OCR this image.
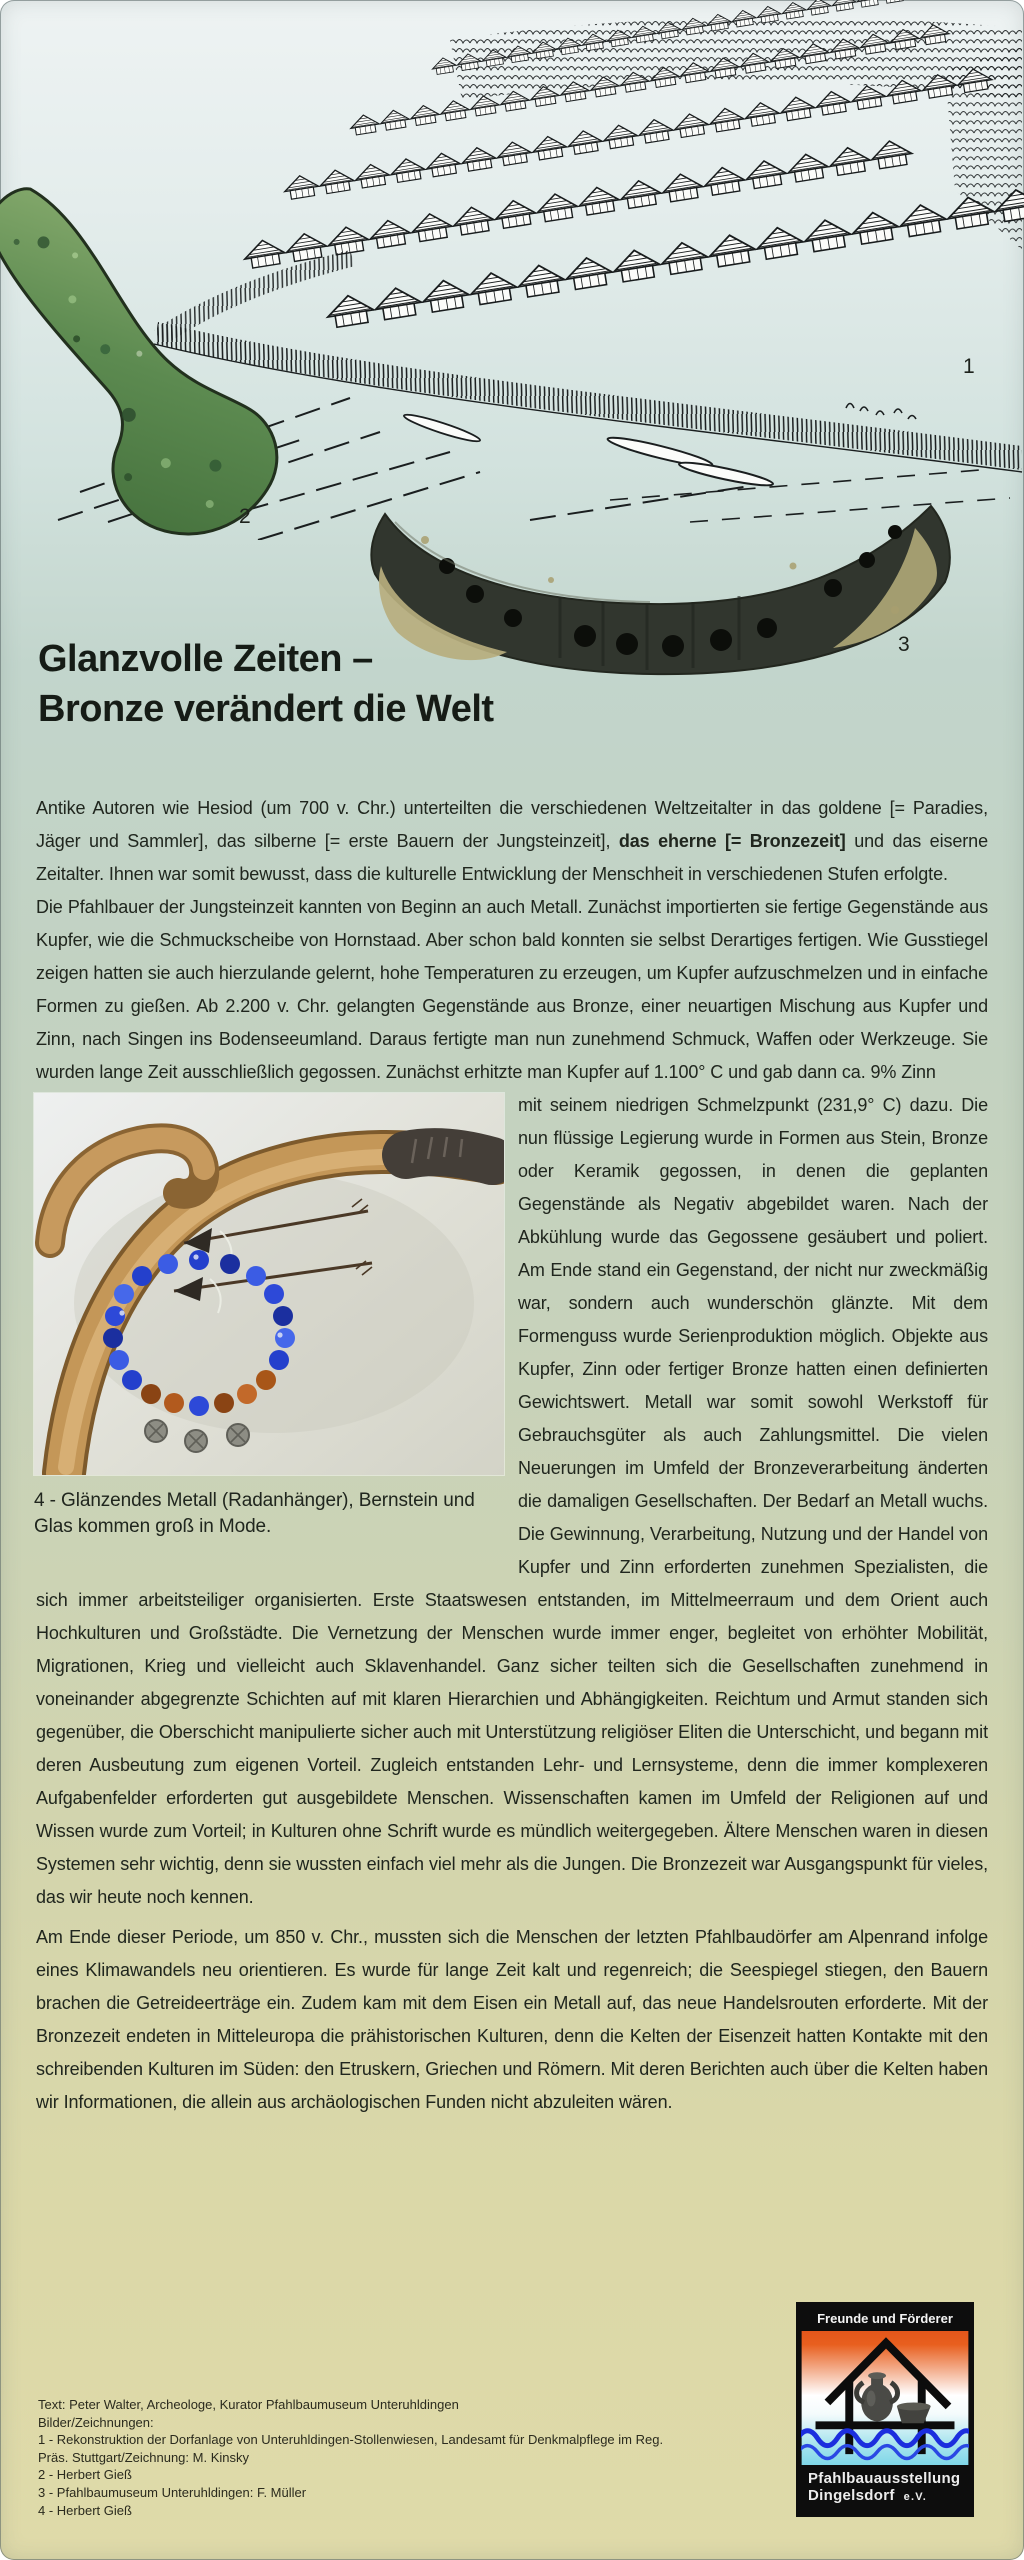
1
2
3
Glanzvolle Zeiten –
Bronze verändert die Welt

Antike Autoren wie Hesiod (um 700 v. Chr.) unterteilten die verschiedenen Weltzeitalter in das goldene [= Paradies, Jäger und Sammler], das silberne [= erste Bauern der Jungsteinzeit], das eherne [= Bronzezeit] und das eiserne Zeitalter. Ihnen war somit bewusst, dass die kulturelle Entwicklung der Menschheit in verschiedenen Stufen erfolgte.

Die Pfahlbauer der Jungsteinzeit kannten von Beginn an auch Metall. Zunächst importierten sie fertige Gegenstände aus Kupfer, wie die Schmuckscheibe von Hornstaad. Aber schon bald konnten sie selbst Derartiges fertigen. Wie Gusstiegel zeigen hatten sie auch hierzulande gelernt, hohe Temperaturen zu erzeugen, um Kupfer aufzuschmelzen und in einfache Formen zu gießen. Ab 2.200 v. Chr. gelangten Gegenstände aus Bronze, einer neuartigen Mischung aus Kupfer und Zinn, nach Singen ins Bodenseeumland. Daraus fertigte man nun zunehmend Schmuck, Waffen oder Werkzeuge. Sie wurden lange Zeit ausschließlich gegossen. Zunächst erhitzte man Kupfer auf 1.100° C und gab dann ca. 9% Zinn

4 - Glänzendes Metall (Radanhänger), Bernstein und Glas kommen groß in Mode.

mit seinem niedrigen Schmelzpunkt (231,9° C) dazu. Die nun flüssige Legierung wurde in Formen aus Stein, Bronze oder Keramik gegossen, in denen die geplanten Gegenstände als Negativ abgebildet waren. Nach der Abkühlung wurde das Gegossene gesäubert und poliert. Am Ende stand ein Gegenstand, der nicht nur zweckmäßig war, sondern auch wunderschön glänzte. Mit dem Formenguss wurde Serienproduktion möglich. Objekte aus Kupfer, Zinn oder fertiger Bronze hatten einen definierten Gewichtswert. Metall war somit sowohl Werkstoff für Gebrauchsgüter als auch Zahlungsmittel. Die vielen Neuerungen im Umfeld der Bronzeverarbeitung änderten die damaligen Gesellschaften. Der Bedarf an Metall wuchs. Die Gewinnung, Verarbeitung, Nutzung und der Handel von Kupfer und Zinn erforderten zunehmen Spezialisten, die sich immer arbeitsteiliger organisierten. Erste Staatswesen entstanden, im Mittelmeerraum und dem Orient auch Hochkulturen und Großstädte. Die Vernetzung der Menschen wurde immer enger, begleitet von erhöhter Mobilität, Migrationen, Krieg und vielleicht auch Sklavenhandel. Ganz sicher teilten sich die Gesellschaften zunehmend in voneinander abgegrenzte Schichten auf mit klaren Hierarchien und Abhängigkeiten. Reichtum und Armut standen sich gegenüber, die Oberschicht manipulierte sicher auch mit Unterstützung religiöser Eliten die Unterschicht, und begann mit deren Ausbeutung zum eigenen Vorteil. Zugleich entstanden Lehr- und Lernsysteme, denn die immer komplexeren Aufgabenfelder erforderten gut ausgebildete Menschen. Wissenschaften kamen im Umfeld der Religionen auf und Wissen wurde zum Vorteil; in Kulturen ohne Schrift wurde es mündlich weitergegeben. Ältere Menschen waren in diesen Systemen sehr wichtig, denn sie wussten einfach viel mehr als die Jungen. Die Bronzezeit war Ausgangspunkt für vieles, das wir heute noch kennen.

Am Ende dieser Periode, um 850 v. Chr., mussten sich die Menschen der letzten Pfahlbaudörfer am Alpenrand infolge eines Klimawandels neu orientieren. Es wurde für lange Zeit kalt und regenreich; die Seespiegel stiegen, den Bauern brachen die Getreideerträge ein. Zudem kam mit dem Eisen ein Metall auf, das neue Handelsrouten erforderte. Mit der Bronzezeit endeten in Mitteleuropa die prähistorischen Kulturen, denn die Kelten der Eisenzeit hatten Kontakte mit den schreibenden Kulturen im Süden: den Etruskern, Griechen und Römern. Mit deren Berichten auch über die Kelten haben wir Informationen, die allein aus archäologischen Funden nicht abzuleiten wären.

Text: Peter Walter, Archeologe, Kurator Pfahlbaumuseum Unteruhldingen
Bilder/Zeichnungen:
1 - Rekonstruktion der Dorfanlage von Unteruhldingen-Stollenwiesen, Landesamt für Denkmalpflege im Reg.
Präs. Stuttgart/Zeichnung: M. Kinsky
2 - Herbert Gieß
3 - Pfahlbaumuseum Unteruhldingen: F. Müller
4 - Herbert Gieß
Freunde und Förderer
Pfahlbauausstellung
Dingelsdorf e.V.
